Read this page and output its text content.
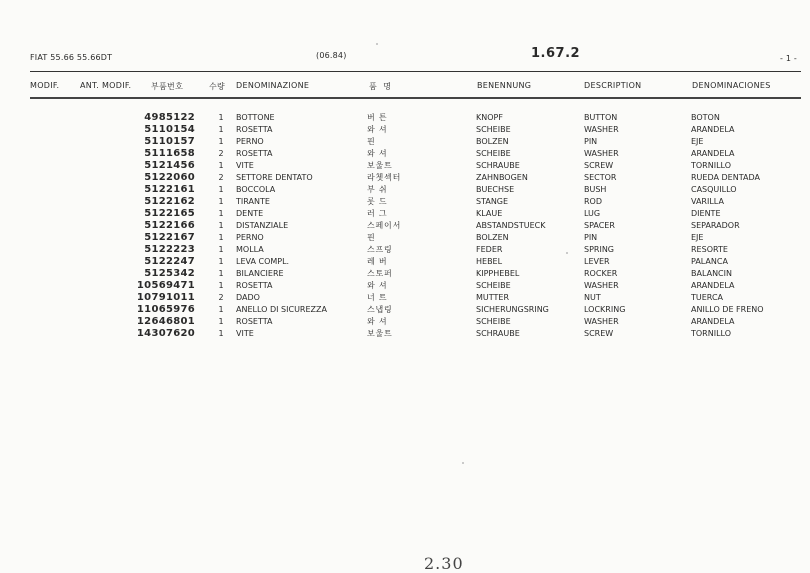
FIAT 55.66 55.66DT	(06.84)	1.67.2	- 1 -
MODIF.	ANT. MODIF. 부품번호	수량 DENOMINAZIONE	품 명	BENENNUNG	DESCRIPTION	DENOMINACIONES
4985122	1 BOTTONE	버 튼	KNOPF	BUTTON	BOTON
5110154	1 ROSETTA	와 셔	SCHEIBE	WASHER	ARANDELA
5110157	1 PERNO	핀	BOLZEN	PIN	EJE
5111658	2 ROSETTA	와 셔	SCHEIBE	WASHER	ARANDELA
5121456	1 VITE	보울트	SCHRAUBE	SCREW	TORNILLO
5122060	2 SETTORE DENTATO	라쳇섹터	ZAHNBOGEN	SECTOR	RUEDA DENTADA
5122161	1 BOCCOLA	부 쉬	BUECHSE	BUSH	CASQUILLO
5122162	1 TIRANTE	롯 드	STANGE	ROD	VARILLA
5122165	1 DENTE	러 그	KLAUE	LUG	DIENTE
5122166	1 DISTANZIALE	스페이서	ABSTANDSTUECK	SPACER	SEPARADOR
5122167	1 PERNO	핀	BOLZEN	PIN	EJE
5122223	1 MOLLA	스프링	FEDER	SPRING	RESORTE
5122247	1 LEVA COMPL.	레 버	HEBEL	LEVER	PALANCA
5125342	1 BILANCIERE	스토퍼	KIPPHEBEL	ROCKER	BALANCIN
10569471	1 ROSETTA	와 셔	SCHEIBE	WASHER	ARANDELA
10791011	2 DADO	너 트	MUTTER	NUT	TUERCA
11065976	1 ANELLO DI SICUREZZA	스냅링	SICHERUNGSRING	LOCKRING	ANILLO DE FRENO
12646801	1 ROSETTA	와 셔	SCHEIBE	WASHER	ARANDELA
14307620	1 VITE	보울트	SCHRAUBE	SCREW	TORNILLO
2.30
